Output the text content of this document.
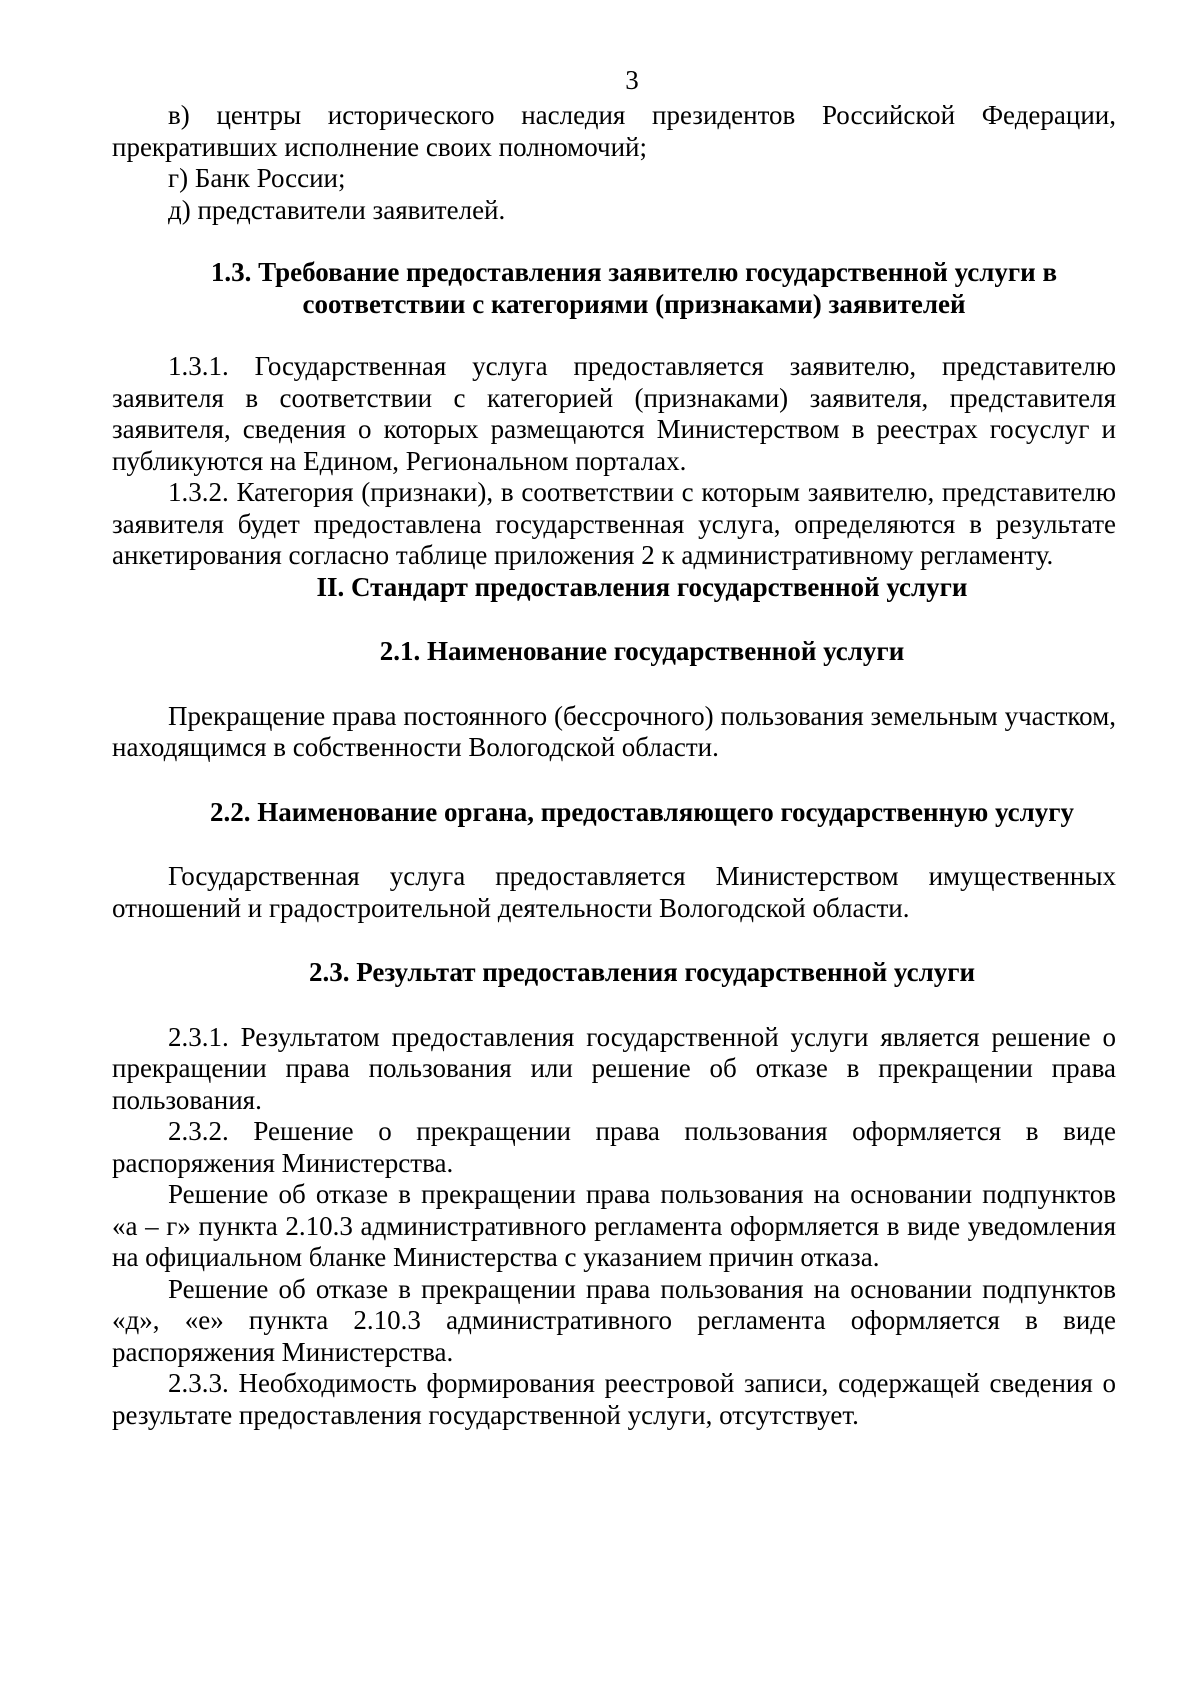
3

в) центры исторического наследия президентов Российской Федерации, прекративших исполнение своих полномочий;

г) Банк России;

д) представители заявителей.

1.3. Требование предоставления заявителю государственной услуги в соответствии с категориями (признаками) заявителей

1.3.1. Государственная услуга предоставляется заявителю, представителю заявителя в соответствии с категорией (признаками) заявителя, представителя заявителя, сведения о которых размещаются Министерством в реестрах госуслуг и публикуются на Едином, Региональном порталах.

1.3.2. Категория (признаки), в соответствии с которым заявителю, представителю заявителя будет предоставлена государственная услуга, определяются в результате анкетирования согласно таблице приложения 2 к административному регламенту.

II. Стандарт предоставления государственной услуги
2.1. Наименование государственной услуги

Прекращение права постоянного (бессрочного) пользования земельным участком, находящимся в собственности Вологодской области.

2.2. Наименование органа, предоставляющего государственную услугу

Государственная услуга предоставляется Министерством имущественных отношений и градостроительной деятельности Вологодской области.

2.3. Результат предоставления государственной услуги

2.3.1. Результатом предоставления государственной услуги является решение о прекращении права пользования или решение об отказе в прекращении права пользования.

2.3.2. Решение о прекращении права пользования оформляется в виде распоряжения Министерства.

Решение об отказе в прекращении права пользования на основании подпунктов «а – г» пункта 2.10.3 административного регламента оформляется в виде уведомления на официальном бланке Министерства с указанием причин отказа.

Решение об отказе в прекращении права пользования на основании подпунктов «д», «е» пункта 2.10.3 административного регламента оформляется в виде распоряжения Министерства.

2.3.3. Необходимость формирования реестровой записи, содержащей сведения о результате предоставления государственной услуги, отсутствует.
